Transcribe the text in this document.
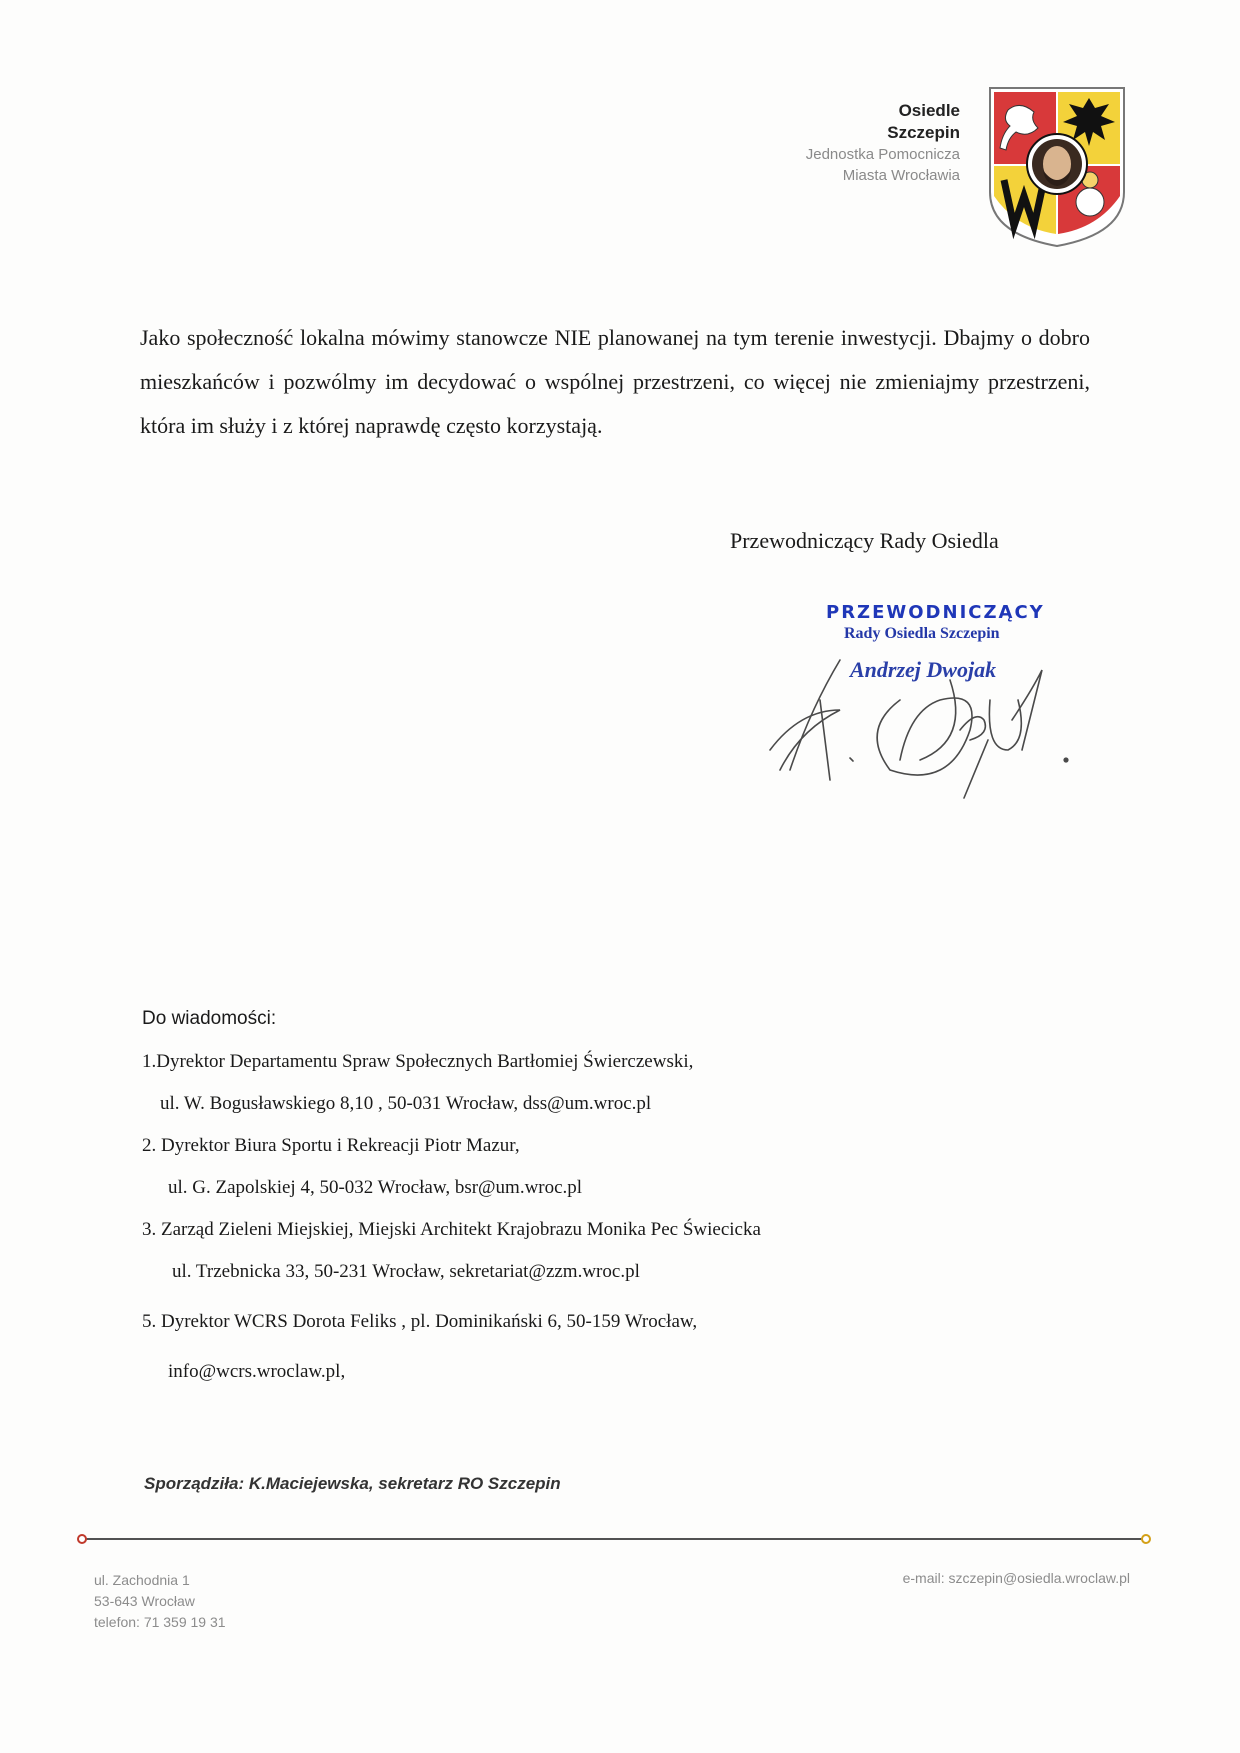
Osiedle
Szczepin
Jednostka Pomocnicza
Miasta Wrocławia
Jako społeczność lokalna mówimy stanowcze NIE planowanej na tym terenie inwestycji. Dbajmy o dobro mieszkańców i pozwólmy im decydować o wspólnej przestrzeni, co więcej nie zmieniajmy przestrzeni, która im służy i z której naprawdę często korzystają.
Przewodniczący Rady Osiedla
PRZEWODNICZĄCY
Rady Osiedla Szczepin
Andrzej Dwojak
Do wiadomości:
1.Dyrektor Departamentu Spraw Społecznych Bartłomiej Świerczewski,
ul. W. Bogusławskiego 8,10 , 50-031 Wrocław, dss@um.wroc.pl
2. Dyrektor Biura Sportu i Rekreacji Piotr Mazur,
ul. G. Zapolskiej 4, 50-032 Wrocław, bsr@um.wroc.pl
3. Zarząd Zieleni Miejskiej, Miejski Architekt Krajobrazu Monika Pec Świecicka
ul. Trzebnicka 33, 50-231 Wrocław, sekretariat@zzm.wroc.pl
5. Dyrektor WCRS Dorota Feliks , pl. Dominikański 6, 50-159 Wrocław,
info@wcrs.wroclaw.pl,
Sporządziła: K.Maciejewska, sekretarz RO Szczepin
ul. Zachodnia 1
53-643 Wrocław
telefon: 71 359 19 31
e-mail: szczepin@osiedla.wroclaw.pl
